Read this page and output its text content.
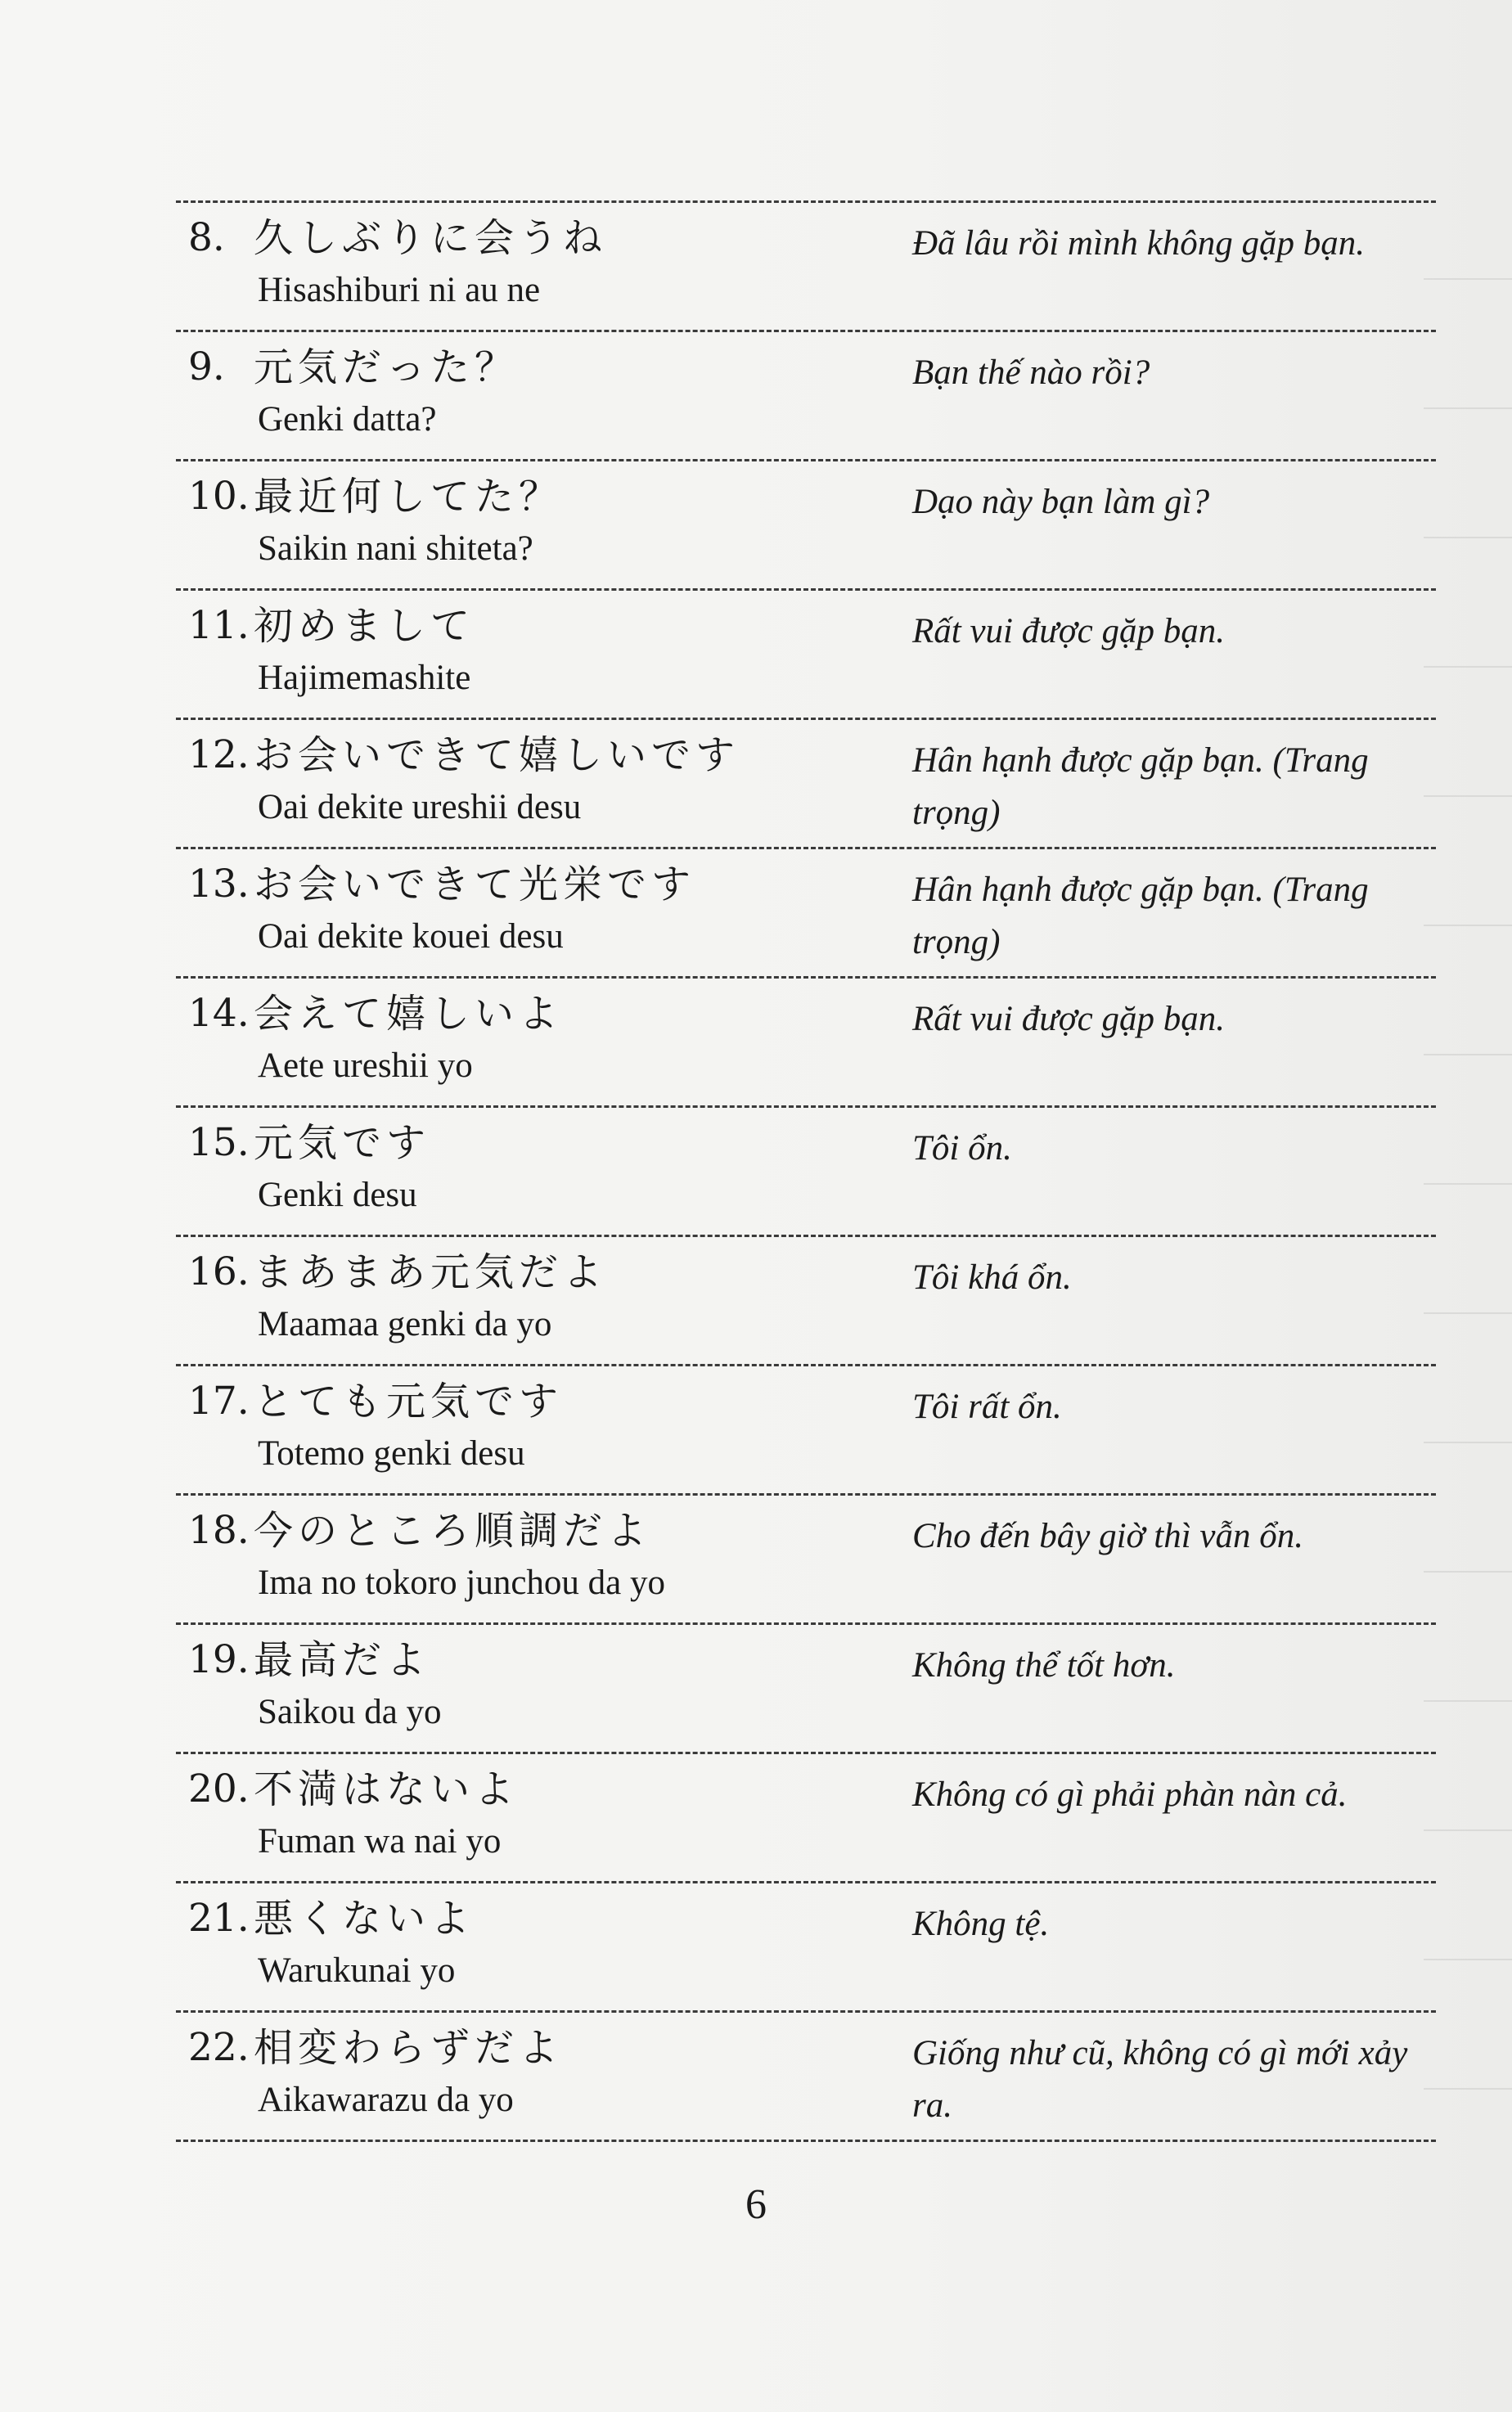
8. 久しぶりに会うね
Hisashiburi ni au ne
Đã lâu rồi mình không gặp bạn.
9. 元気だった？
Genki datta?
Bạn thế nào rồi?
10. 最近何してた？
Saikin nani shiteta?
Dạo này bạn làm gì?
11. 初めまして
Hajimemashite
Rất vui được gặp bạn.
12. お会いできて嬉しいです
Oai dekite ureshii desu
Hân hạnh được gặp bạn. (Trang trọng)
13. お会いできて光栄です
Oai dekite kouei desu
Hân hạnh được gặp bạn. (Trang trọng)
14. 会えて嬉しいよ
Aete ureshii yo
Rất vui được gặp bạn.
15. 元気です
Genki desu
Tôi ổn.
16. まあまあ元気だよ
Maamaa genki da yo
Tôi khá ổn.
17. とても元気です
Totemo genki desu
Tôi rất ổn.
18. 今のところ順調だよ
Ima no tokoro junchou da yo
Cho đến bây giờ thì vẫn ổn.
19. 最高だよ
Saikou da yo
Không thể tốt hơn.
20. 不満はないよ
Fuman wa nai yo
Không có gì phải phàn nàn cả.
21. 悪くないよ
Warukunai yo
Không tệ.
22. 相変わらずだよ
Aikawarazu da yo
Giống như cũ, không có gì mới xảy ra.
6
